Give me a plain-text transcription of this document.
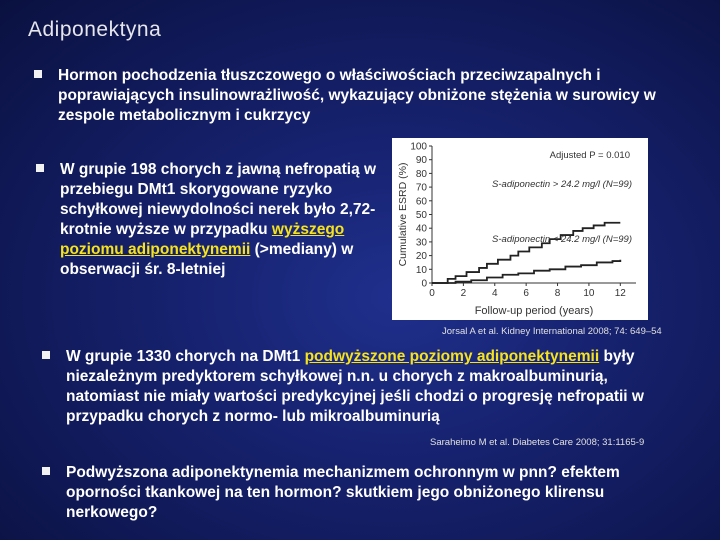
Adiponektyna
Hormon pochodzenia tłuszczowego o właściwościach przeciwzapalnych i poprawiających insulinowrażliwość, wykazujący obniżone stężenia w surowicy w zespole metabolicznym i cukrzycy
W grupie 198 chorych z jawną nefropatią w przebiegu DMt1 skorygowane ryzyko schyłkowej niewydolności nerek było 2,72-krotnie wyższe w przypadku wyższego poziomu adiponektynemii (>mediany) w obserwacji śr. 8-letniej
0
10
20
30
40
50
60
70
80
90
100
0	2	4	6	8 10 12
Follow-up period (years)
Cumulative ESRD (%)
Adjusted P = 0.010
S-adiponectin > 24.2 mg/l (N=99)
S-adiponectin < 24.2 mg/l (N=99)
Jorsal A et al. Kidney International 2008; 74: 649–54
W grupie 1330 chorych na DMt1 podwyższone poziomy adiponektynemii były niezależnym predyktorem schyłkowej n.n. u chorych z makroalbuminurią, natomiast nie miały wartości predykcyjnej jeśli chodzi o progresję nefropatii w przypadku chorych z normo- lub mikroalbuminurią
Saraheimo M et al. Diabetes Care 2008; 31:1165-9
Podwyższona adiponektynemia mechanizmem ochronnym w pnn? efektem oporności tkankowej na ten hormon? skutkiem jego obniżonego klirensu nerkowego?
